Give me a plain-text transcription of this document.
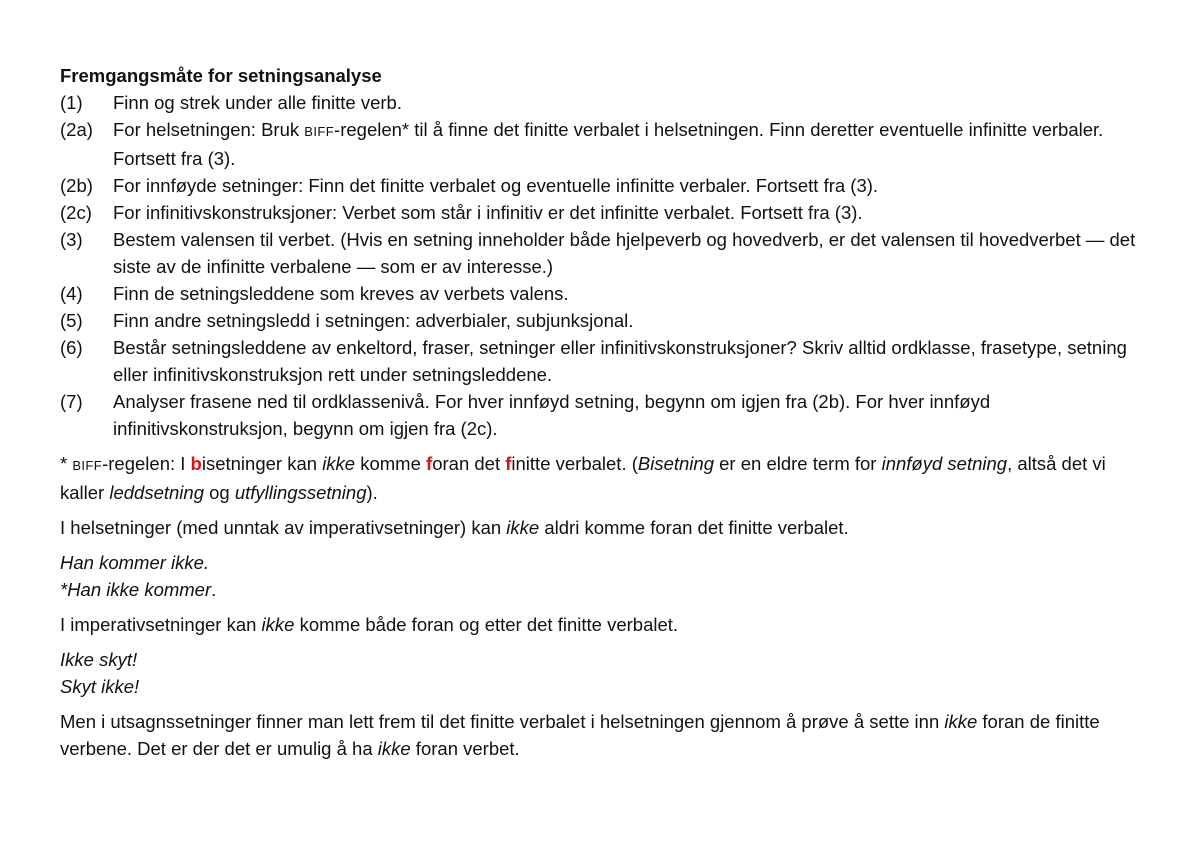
Fremgangsmåte for setningsanalyse
(1)	Finn og strek under alle finitte verb.
(2a)	For helsetningen: Bruk BIFF-regelen* til å finne det finitte verbalet i helsetningen. Finn deretter eventuelle infinitte verbaler. Fortsett fra (3).
(2b)	For innføyde setninger: Finn det finitte verbalet og eventuelle infinitte verbaler. Fortsett fra (3).
(2c)	For infinitivskonstruksjoner: Verbet som står i infinitiv er det infinitte verbalet. Fortsett fra (3).
(3)	Bestem valensen til verbet. (Hvis en setning inneholder både hjelpeverb og hovedverb, er det valensen til hovedverbet — det siste av de infinitte verbalene — som er av interesse.)
(4)	Finn de setningsleddene som kreves av verbets valens.
(5)	Finn andre setningsledd i setningen: adverbialer, subjunksjonal.
(6)	Består setningsleddene av enkeltord, fraser, setninger eller infinitivskonstruksjoner? Skriv alltid ordklasse, frasetype, setning eller infinitivskonstruksjon rett under setningsleddene.
(7)	Analyser frasene ned til ordklassenivå. For hver innføyd setning, begynn om igjen fra (2b). For hver innføyd infinitivskonstruksjon, begynn om igjen fra (2c).
* BIFF-regelen: I bisetninger kan ikke komme foran det finitte verbalet. (Bisetning er en eldre term for innføyd setning, altså det vi kaller leddsetning og utfyllingssetning).
I helsetninger (med unntak av imperativsetninger) kan ikke aldri komme foran det finitte verbalet.
Han kommer ikke.
*Han ikke kommer.
I imperativsetninger kan ikke komme både foran og etter det finitte verbalet.
Ikke skyt!
Skyt ikke!
Men i utsagnssetninger finner man lett frem til det finitte verbalet i helsetningen gjennom å prøve å sette inn ikke foran de finitte verbene. Det er der det er umulig å ha ikke foran verbet.
